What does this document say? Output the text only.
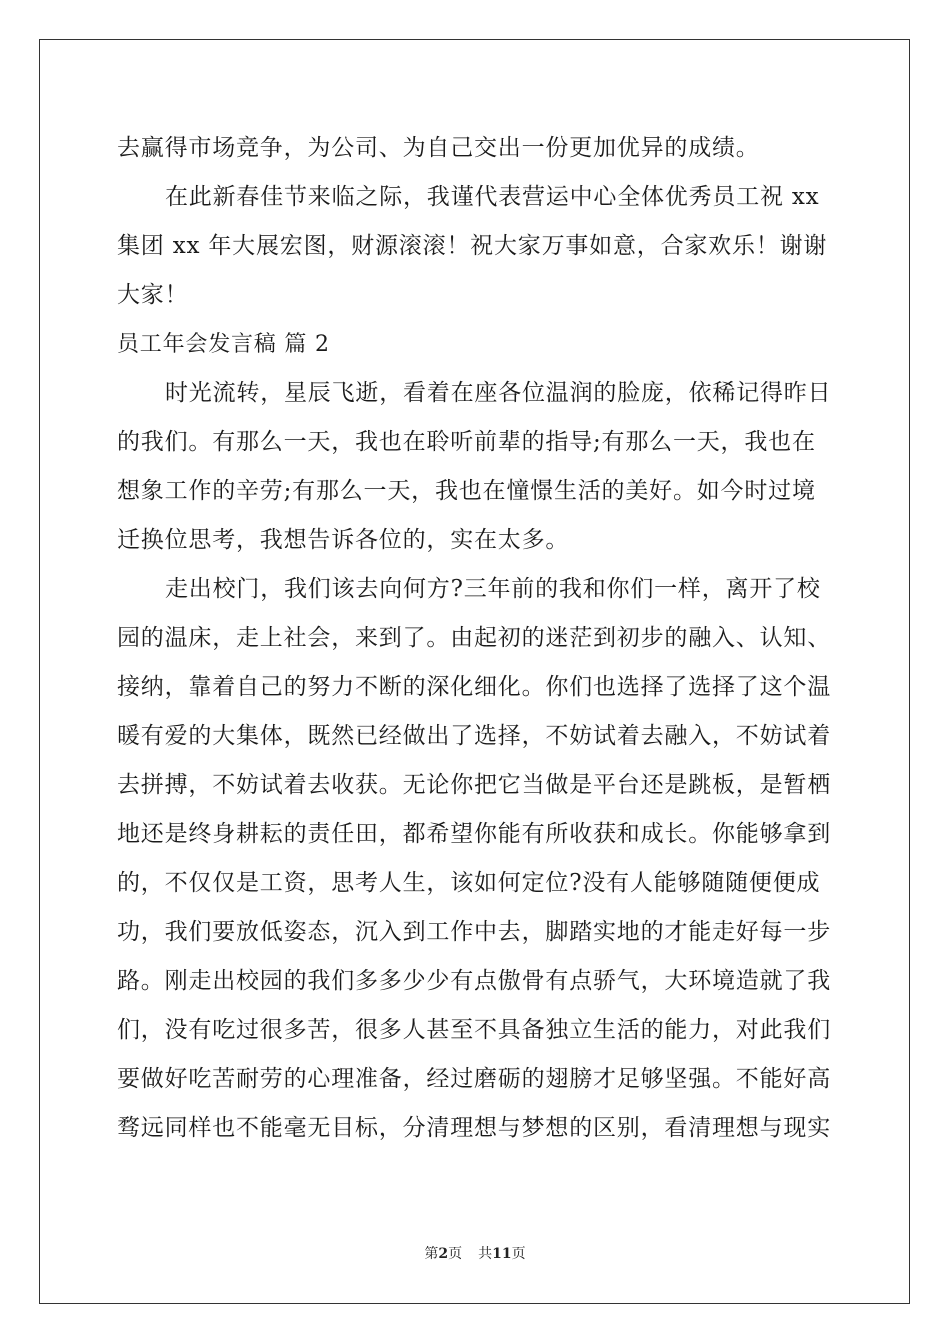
去赢得市场竞争，为公司、为自己交出一份更加优异的成绩。
在此新春佳节来临之际，我谨代表营运中心全体优秀员工祝 xx
集团 xx 年大展宏图，财源滚滚！祝大家万事如意，合家欢乐！谢谢
大家！
员工年会发言稿 篇 2
时光流转，星辰飞逝，看着在座各位温润的脸庞，依稀记得昨日
的我们。有那么一天，我也在聆听前辈的指导;有那么一天，我也在
想象工作的辛劳;有那么一天，我也在憧憬生活的美好。如今时过境
迁换位思考，我想告诉各位的，实在太多。
走出校门，我们该去向何方?三年前的我和你们一样，离开了校
园的温床，走上社会，来到了。由起初的迷茫到初步的融入、认知、
接纳，靠着自己的努力不断的深化细化。你们也选择了选择了这个温
暖有爱的大集体，既然已经做出了选择，不妨试着去融入，不妨试着
去拼搏，不妨试着去收获。无论你把它当做是平台还是跳板，是暂栖
地还是终身耕耘的责任田，都希望你能有所收获和成长。你能够拿到
的，不仅仅是工资，思考人生，该如何定位?没有人能够随随便便成
功，我们要放低姿态，沉入到工作中去，脚踏实地的才能走好每一步
路。刚走出校园的我们多多少少有点傲骨有点骄气，大环境造就了我
们，没有吃过很多苦，很多人甚至不具备独立生活的能力，对此我们
要做好吃苦耐劳的心理准备，经过磨砺的翅膀才足够坚强。不能好高
骛远同样也不能毫无目标，分清理想与梦想的区别，看清理想与现实
第2页 共11页
